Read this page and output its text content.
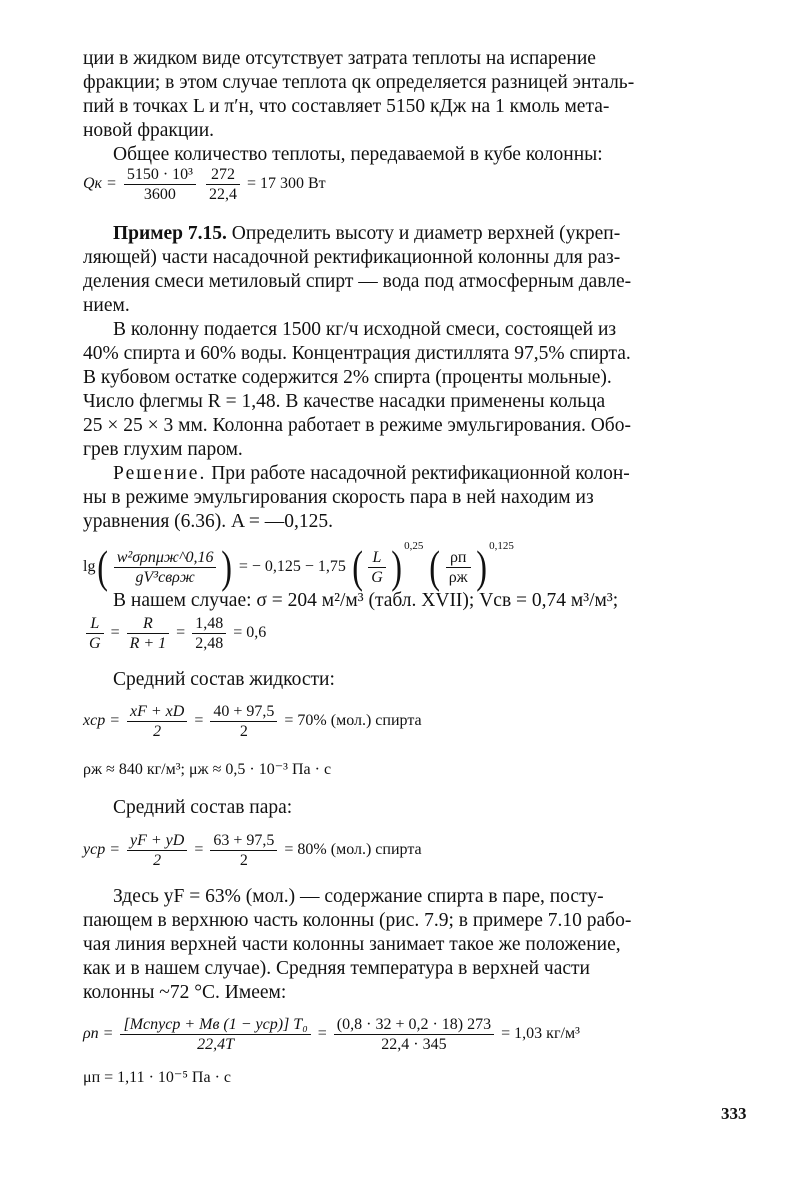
ции в жидком виде отсутствует затрата теплоты на испарение
фракции; в этом случае теплота qк определяется разницей энталь-
пий в точках L и π′н, что составляет 5150 кДж на 1 кмоль мета-
новой фракции.
Общее количество теплоты, передаваемой в кубе колонны:
Qк = $\frac{\text{5150 · 10³}}{3600}$
$\frac{272}{22,4} = 17$ 300 Вт
Пример 7.15. Определить высоту и диаметр верхней (укреп-
ляющей) части насадочной ректификационной колонны для раз-
деления смеси метиловый спирт — вода под атмосферным давле-
нием.
В колонну подается 1500 кг/ч исходной смеси, состоящей из
40% спирта и 60% воды. Концентрация дистиллята 97,5% спирта.
В кубовом остатке содержится 2% спирта (проценты мольные).
Число флегмы R = 1,48. В качестве насадки применены кольца
25 × 25 × 3 мм. Колонна работает в режиме эмульгирования. Обо-
грев глухим паром.
Решение. При работе насадочной ректификационной колон-
ны в режиме эмульгирования скорость пара в ней находим из
уравнения (6.36). A = —0,125.
lg( w²σρпμж^0,16
gV³свρж ) = − 0,125 − 1,75 ( $\frac{L}{G}$ ) $^{0,25}$ ( ρп
ρж ) $^{0,125}$
В нашем случае: σ = 204 м²/м³ (табл. XVII); Vсв = 0,74 м³/м³;
$\frac{L}{G} = \frac{R}{R + 1} = \frac{1,48}{2,48} = 0,6$
Средний состав жидкости:
xср = $\frac{xF + xD}{2} = \frac{40 + 97,5}{2} = 70\%$ (мол.) спирта
ρж ≈ 840 кг/м³; μж ≈ 0,5 · 10⁻³ Па · с
Средний состав пара:
yср = $\frac{yF + yD}{2} = \frac{63 + 97,5}{2} = 80\%$ (мол.) спирта
Здесь yF = 63% (мол.) — содержание спирта в паре, посту-
пающем в верхнюю часть колонны (рис. 7.9; в примере 7.10 рабо-
чая линия верхней части колонны занимает такое же положение,
как и в нашем случае). Средняя температура в верхней части
колонны ~72 °C. Имеем:
ρп =
[Mспyср + Mв (1 − yср)] T₀
22,4T
= $\frac{(0,8 \cdot 32 + 0,2 \cdot 18) 273}{22,4 \cdot 345} = 1,03$ кг/м³
μп = 1,11 · 10⁻⁵ Па · с
333
